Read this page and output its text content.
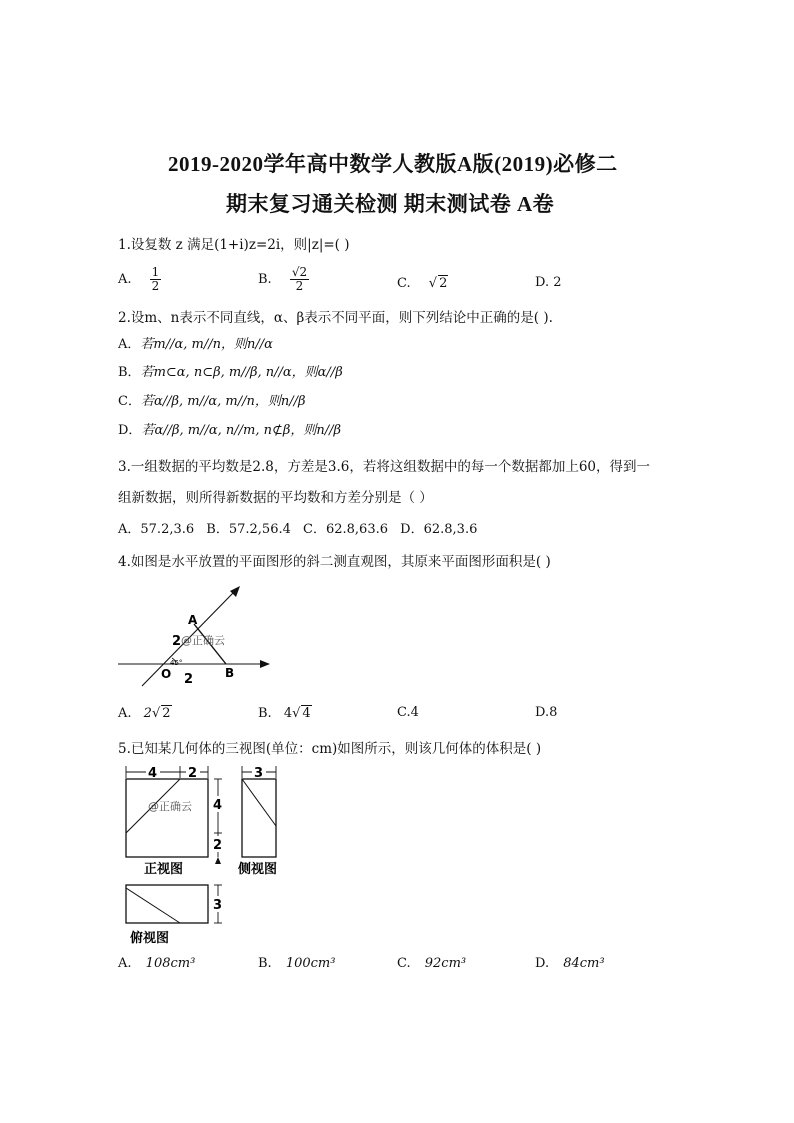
2019-2020学年高中数学人教版A版(2019)必修二
期末复习通关检测 期末测试卷 A卷
1.设复数 z 满足(1+i)z=2i，则|z|=( )
A. $\frac{1}{2}$	B. $\frac{√2}{2}$	C. √ 2	D. 2
2.设m、n表示不同直线，α、β表示不同平面，则下列结论中正确的是( ).
A．若m//α, m//n，则n//α
B．若m⊂α, n⊂β, m//β, n//α，则α//β
C．若α//β, m//α, m//n，则n//β
D．若α//β, m//α, n//m, n⊄β，则n//β
3.一组数据的平均数是2.8，方差是3.6，若将这组数据中的每一个数据都加上60，得到一
组新数据，则所得新数据的平均数和方差分别是（ ）
A．57.2,3.6 B．57.2,56.4 C．62.8,63.6 D．62.8,3.6
4.如图是水平放置的平面图形的斜二测直观图，其原来平面图形面积是( )
A
B
O
2
2
45°
@正确云
A. 2√ 2	B. 4√ 4	C.4	D.8
5.已知某几何体的三视图(单位：cm)如图所示，则该几何体的体积是( )
4 2
@正确云 4
2
正视图
3
侧视图
3
俯视图
A. 108cm³	B. 100cm³	C. 92cm³	D. 84cm³
